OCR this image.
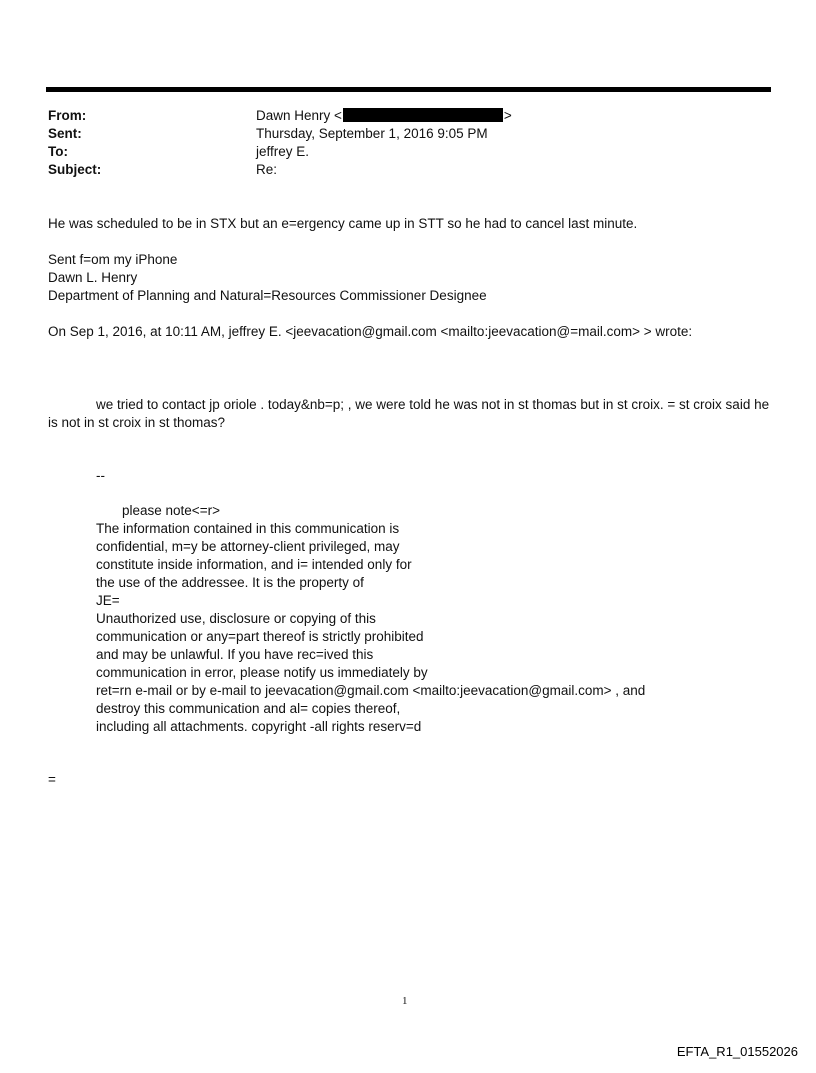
From:	Dawn Henry <	>
Sent:	Thursday, September 1, 2016 9:05 PM
To:	jeffrey E.
Subject:	Re:
He was scheduled to be in STX but an e=ergency came up in STT so he had to cancel last minute.
Sent f=om my iPhone
Dawn L. Henry
Department of Planning and Natural=Resources Commissioner Designee
On Sep 1, 2016, at 10:11 AM, jeffrey E. <jeevacation@gmail.com <mailto:jeevacation@=mail.com> > wrote:
we tried to contact jp oriole . today&nb=p; , we were told he was not in st thomas but in st croix. = st croix said he is not in st croix in st thomas?
--
please note<=r>
The information contained in this communication is
confidential, m=y be attorney-client privileged, may
constitute inside information, and i= intended only for
the use of the addressee. It is the property of
JE=
Unauthorized use, disclosure or copying of this
communication or any=part thereof is strictly prohibited
and may be unlawful. If you have rec=ived this
communication in error, please notify us immediately by
ret=rn e-mail or by e-mail to jeevacation@gmail.com <mailto:jeevacation@gmail.com> , and
destroy this communication and al= copies thereof,
including all attachments. copyright -all rights reserv=d
=
1
EFTA_R1_01552026
